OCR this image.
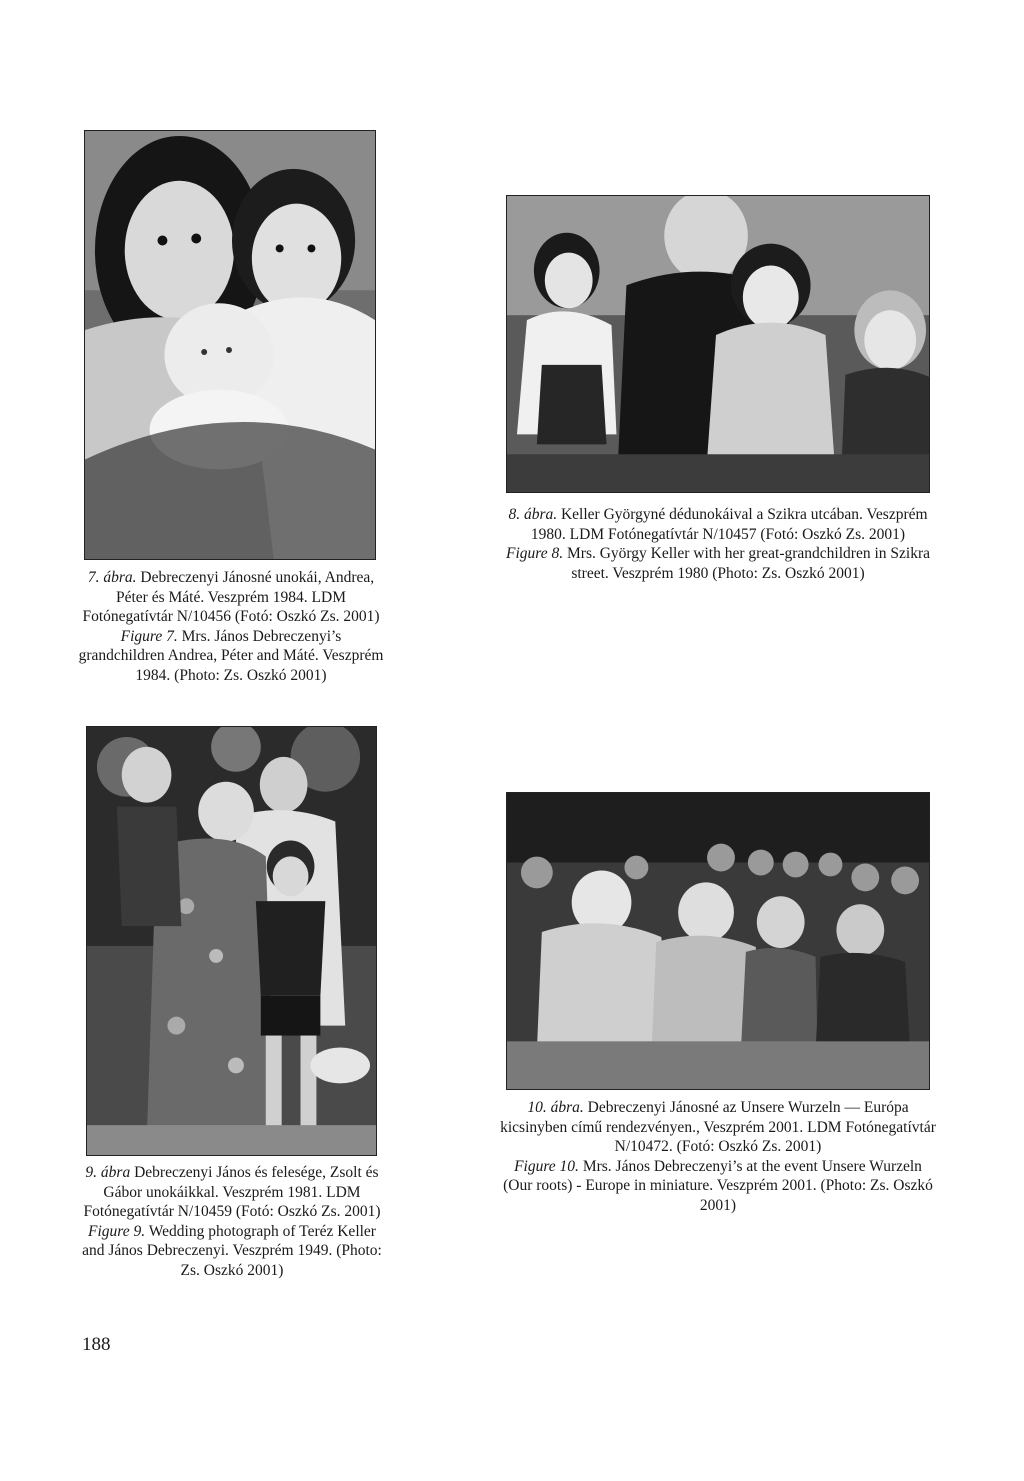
7. ábra. Debreczenyi Jánosné unokái, Andrea, Péter és Máté. Veszprém 1984. LDM Fotónegatívtár N/10456 (Fotó: Oszkó Zs. 2001)

Figure 7. Mrs. János Debreczenyi’s grandchildren Andrea, Péter and Máté. Veszprém 1984. (Photo: Zs. Oszkó 2001)

8. ábra. Keller Györgyné dédunokáival a Szikra utcában. Veszprém 1980. LDM Fotónegatívtár N/10457 (Fotó: Oszkó Zs. 2001)

Figure 8. Mrs. György Keller with her great-grandchildren in Szikra street. Veszprém 1980 (Photo: Zs. Oszkó 2001)

9. ábra Debreczenyi János és felesége, Zsolt és Gábor unokáikkal. Veszprém 1981. LDM Fotónegatívtár N/10459 (Fotó: Oszkó Zs. 2001)

Figure 9. Wedding photograph of Teréz Keller and János Debreczenyi. Veszprém 1949. (Photo: Zs. Oszkó 2001)

10. ábra. Debreczenyi Jánosné az Unsere Wurzeln — Európa kicsinyben című rendezvényen., Veszprém 2001. LDM Fotónegatívtár N/10472. (Fotó: Oszkó Zs. 2001)

Figure 10. Mrs. János Debreczenyi’s at the event Unsere Wurzeln (Our roots) - Europe in miniature. Veszprém 2001. (Photo: Zs. Oszkó 2001)

188
